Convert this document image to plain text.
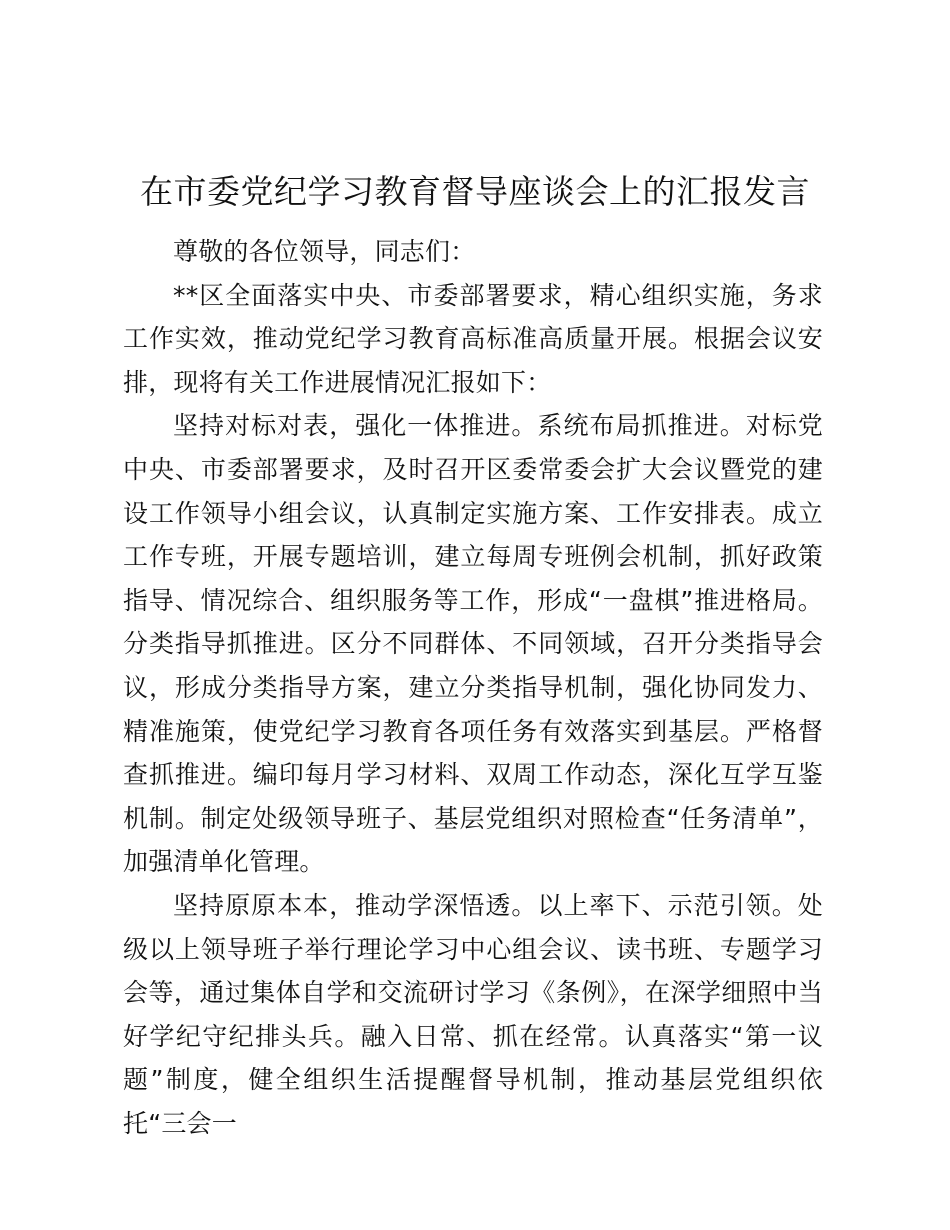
在市委党纪学习教育督导座谈会上的汇报发言

尊敬的各位领导，同志们：

**区全面落实中央、市委部署要求，精心组织实施，务求工作实效，推动党纪学习教育高标准高质量开展。根据会议安排，现将有关工作进展情况汇报如下：

坚持对标对表，强化一体推进。系统布局抓推进。对标党中央、市委部署要求，及时召开区委常委会扩大会议暨党的建设工作领导小组会议，认真制定实施方案、工作安排表。成立工作专班，开展专题培训，建立每周专班例会机制，抓好政策指导、情况综合、组织服务等工作，形成“一盘棋”推进格局。分类指导抓推进。区分不同群体、不同领域，召开分类指导会议，形成分类指导方案，建立分类指导机制，强化协同发力、精准施策，使党纪学习教育各项任务有效落实到基层。严格督查抓推进。编印每月学习材料、双周工作动态，深化互学互鉴机制。制定处级领导班子、基层党组织对照检查“任务清单”，加强清单化管理。

坚持原原本本，推动学深悟透。以上率下、示范引领。处级以上领导班子举行理论学习中心组会议、读书班、专题学习会等，通过集体自学和交流研讨学习《条例》，在深学细照中当好学纪守纪排头兵。融入日常、抓在经常。认真落实“第一议题”制度，健全组织生活提醒督导机制，推动基层党组织依托“三会一
